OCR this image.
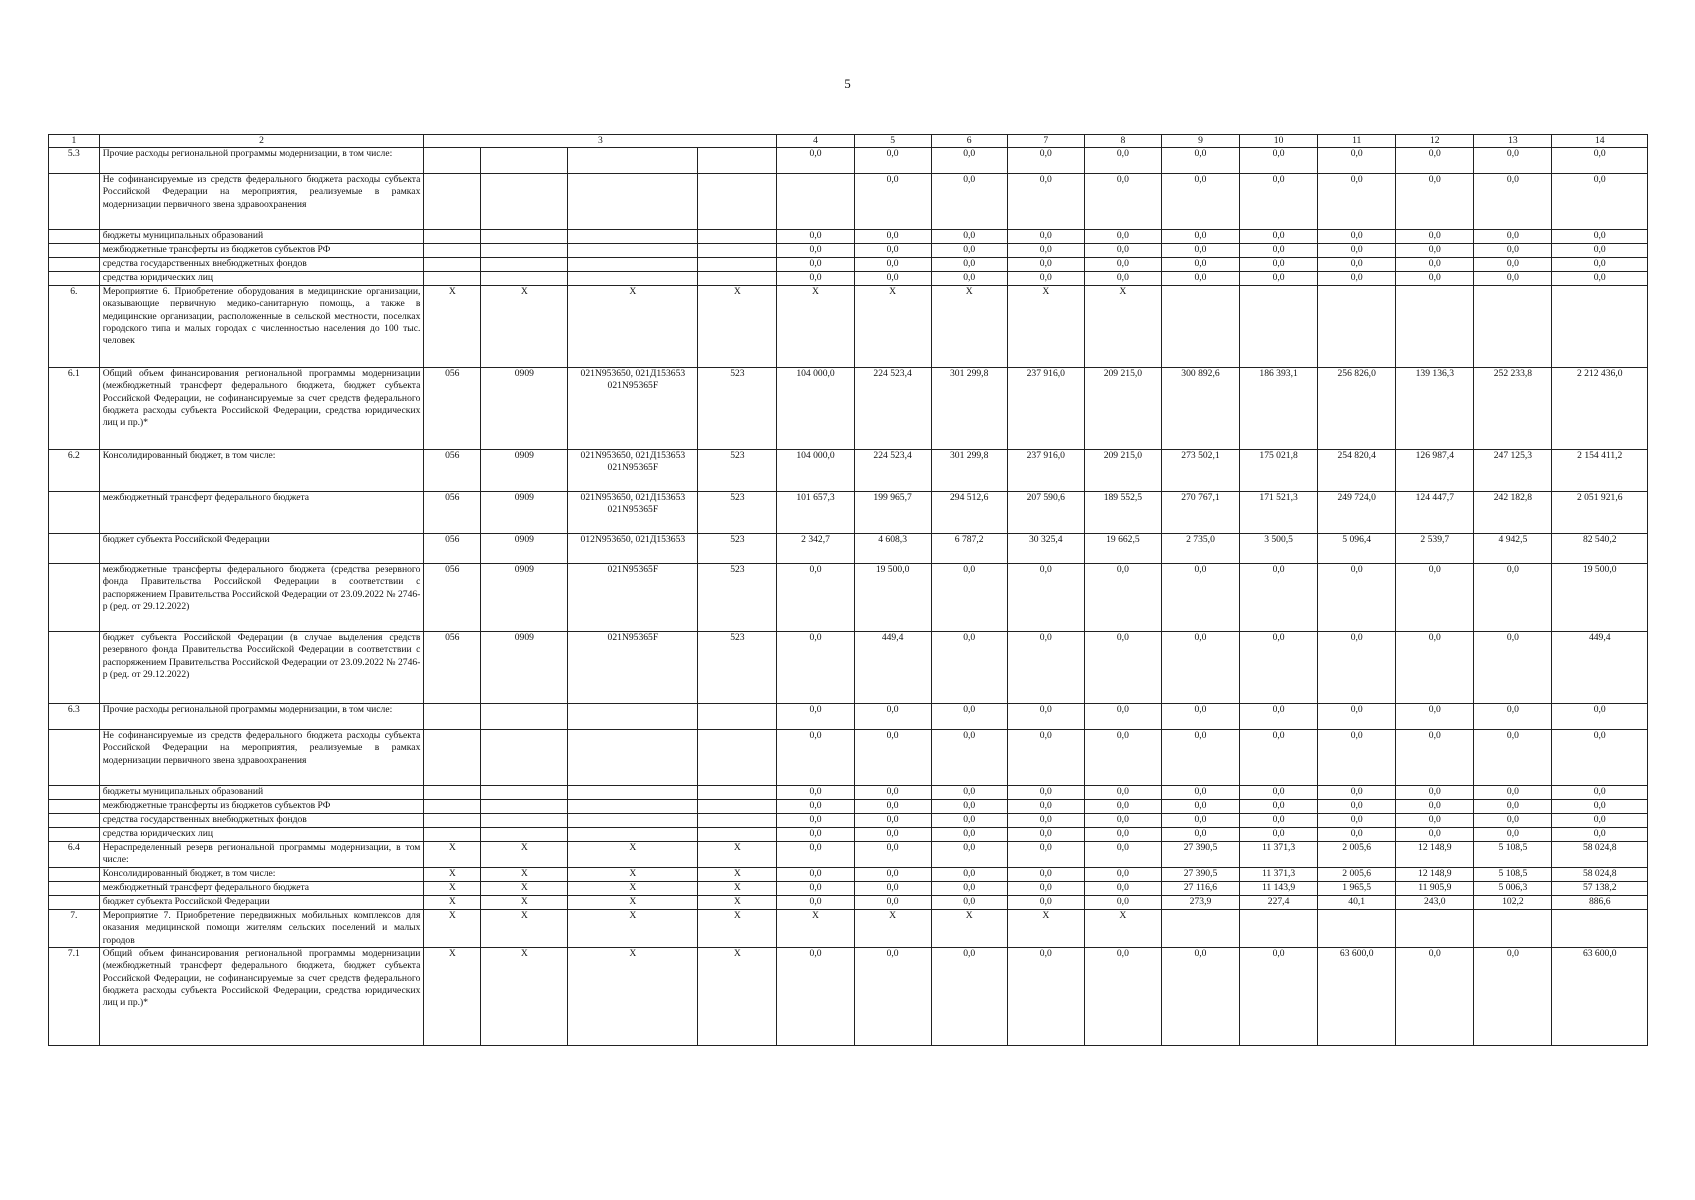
5
1	2	3				4	5	6	7	8	9	10	11	12	13	14
5.3	Прочие расходы региональной программы модернизации, в том числе:					0,0	0,0	0,0	0,0	0,0	0,0	0,0	0,0	0,0	0,0	0,0
	Не софинансируемые из средств федерального бюджета расходы субъекта Российской Федерации на мероприятия, реализуемые в рамках модернизации первичного звена здравоохранения						0,0	0,0	0,0	0,0	0,0	0,0	0,0	0,0	0,0	0,0
	бюджеты муниципальных образований					0,0	0,0	0,0	0,0	0,0	0,0	0,0	0,0	0,0	0,0	0,0
	межбюджетные трансферты из бюджетов субъектов РФ					0,0	0,0	0,0	0,0	0,0	0,0	0,0	0,0	0,0	0,0	0,0
	средства государственных внебюджетных фондов					0,0	0,0	0,0	0,0	0,0	0,0	0,0	0,0	0,0	0,0	0,0
	средства юридических лиц					0,0	0,0	0,0	0,0	0,0	0,0	0,0	0,0	0,0	0,0	0,0
6.	Мероприятие 6. Приобретение оборудования в медицинские организации, оказывающие первичную медико-санитарную помощь, а также в медицинские организации, расположенные в сельской местности, поселках городского типа и малых городах с численностью населения до 100 тыс. человек	Х	Х	Х	Х	Х	Х	Х	Х	Х						
6.1	Общий объем финансирования региональной программы модернизации (межбюджетный трансферт федерального бюджета, бюджет субъекта Российской Федерации, не софинансируемые за счет средств федерального бюджета расходы субъекта Российской Федерации, средства юридических лиц и пр.)*	056	0909	021N953650, 021Д153653 021N95365F	523	104 000,0	224 523,4	301 299,8	237 916,0	209 215,0	300 892,6	186 393,1	256 826,0	139 136,3	252 233,8	2 212 436,0
6.2	Консолидированный бюджет, в том числе:	056	0909	021N953650, 021Д153653 021N95365F	523	104 000,0	224 523,4	301 299,8	237 916,0	209 215,0	273 502,1	175 021,8	254 820,4	126 987,4	247 125,3	2 154 411,2
	межбюджетный трансферт федерального бюджета	056	0909	021N953650, 021Д153653 021N95365F	523	101 657,3	199 965,7	294 512,6	207 590,6	189 552,5	270 767,1	171 521,3	249 724,0	124 447,7	242 182,8	2 051 921,6
	бюджет субъекта Российской Федерации	056	0909	012N953650, 021Д153653	523	2 342,7	4 608,3	6 787,2	30 325,4	19 662,5	2 735,0	3 500,5	5 096,4	2 539,7	4 942,5	82 540,2
	межбюджетные трансферты федерального бюджета (средства резервного фонда Правительства Российской Федерации в соответствии с распоряжением Правительства Российской Федерации от 23.09.2022 № 2746-р (ред. от 29.12.2022)	056	0909	021N95365F	523	0,0	19 500,0	0,0	0,0	0,0	0,0	0,0	0,0	0,0	0,0	19 500,0
	бюджет субъекта Российской Федерации (в случае выделения средств резервного фонда Правительства Российской Федерации в соответствии с распоряжением Правительства Российской Федерации от 23.09.2022 № 2746-р (ред. от 29.12.2022)	056	0909	021N95365F	523	0,0	449,4	0,0	0,0	0,0	0,0	0,0	0,0	0,0	0,0	449,4
6.3	Прочие расходы региональной программы модернизации, в том числе:					0,0	0,0	0,0	0,0	0,0	0,0	0,0	0,0	0,0	0,0	0,0
	Не софинансируемые из средств федерального бюджета расходы субъекта Российской Федерации на мероприятия, реализуемые в рамках модернизации первичного звена здравоохранения					0,0	0,0	0,0	0,0	0,0	0,0	0,0	0,0	0,0	0,0	0,0
	бюджеты муниципальных образований					0,0	0,0	0,0	0,0	0,0	0,0	0,0	0,0	0,0	0,0	0,0
	межбюджетные трансферты из бюджетов субъектов РФ					0,0	0,0	0,0	0,0	0,0	0,0	0,0	0,0	0,0	0,0	0,0
	средства государственных внебюджетных фондов					0,0	0,0	0,0	0,0	0,0	0,0	0,0	0,0	0,0	0,0	0,0
	средства юридических лиц					0,0	0,0	0,0	0,0	0,0	0,0	0,0	0,0	0,0	0,0	0,0
6.4	Нераспределенный резерв региональной программы модернизации, в том числе:	Х	Х	Х	Х	0,0	0,0	0,0	0,0	0,0	27 390,5	11 371,3	2 005,6	12 148,9	5 108,5	58 024,8
	Консолидированный бюджет, в том числе:	Х	Х	Х	Х	0,0	0,0	0,0	0,0	0,0	27 390,5	11 371,3	2 005,6	12 148,9	5 108,5	58 024,8
	межбюджетный трансферт федерального бюджета	Х	Х	Х	Х	0,0	0,0	0,0	0,0	0,0	27 116,6	11 143,9	1 965,5	11 905,9	5 006,3	57 138,2
	бюджет субъекта Российской Федерации	Х	Х	Х	Х	0,0	0,0	0,0	0,0	0,0	273,9	227,4	40,1	243,0	102,2	886,6
7.	Мероприятие 7. Приобретение передвижных мобильных комплексов для оказания медицинской помощи жителям сельских поселений и малых городов	Х	Х	Х	Х	Х	Х	Х	Х	Х						
7.1	Общий объем финансирования региональной программы модернизации (межбюджетный трансферт федерального бюджета, бюджет субъекта Российской Федерации, не софинансируемые за счет средств федерального бюджета расходы субъекта Российской Федерации, средства юридических лиц и пр.)*	Х	Х	Х	Х	0,0	0,0	0,0	0,0	0,0	0,0	0,0	63 600,0	0,0	0,0	63 600,0
